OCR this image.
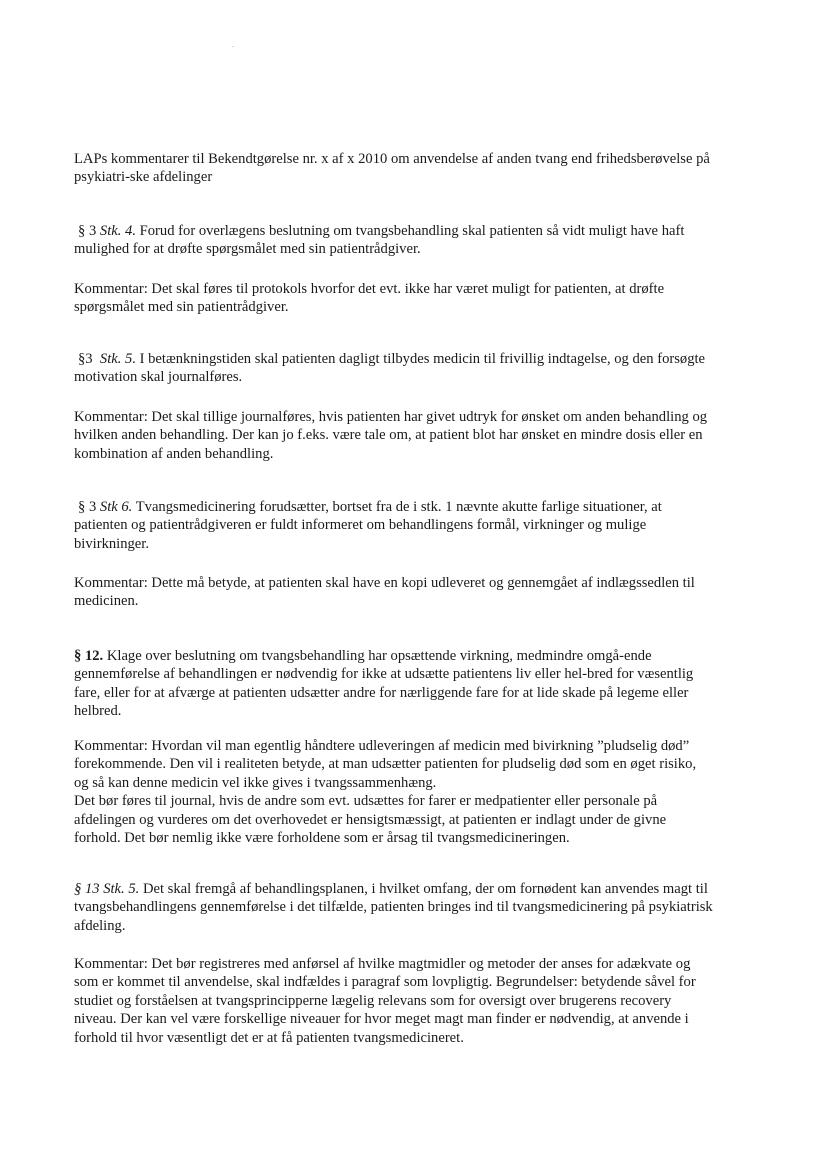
LAPs kommentarer til Bekendtgørelse nr. x af x 2010 om anvendelse af anden tvang end frihedsberøvelse på
psykiatri-ske afdelinger
§ 3 Stk. 4. Forud for overlægens beslutning om tvangsbehandling skal patienten så vidt muligt have haft
mulighed for at drøfte spørgsmålet med sin patientrådgiver.
Kommentar: Det skal føres til protokols hvorfor det evt. ikke har været muligt for patienten, at drøfte
spørgsmålet med sin patientrådgiver.
§3 Stk. 5. I betænkningstiden skal patienten dagligt tilbydes medicin til frivillig indtagelse, og den forsøgte
motivation skal journalføres.
Kommentar: Det skal tillige journalføres, hvis patienten har givet udtryk for ønsket om anden behandling og
hvilken anden behandling. Der kan jo f.eks. være tale om, at patient blot har ønsket en mindre dosis eller en
kombination af anden behandling.
§ 3 Stk 6. Tvangsmedicinering forudsætter, bortset fra de i stk. 1 nævnte akutte farlige situationer, at
patienten og patientrådgiveren er fuldt informeret om behandlingens formål, virkninger og mulige
bivirkninger.
Kommentar: Dette må betyde, at patienten skal have en kopi udleveret og gennemgået af indlægssedlen til
medicinen.
§ 12. Klage over beslutning om tvangsbehandling har opsættende virkning, medmindre omgå-ende
gennemførelse af behandlingen er nødvendig for ikke at udsætte patientens liv eller hel-bred for væsentlig
fare, eller for at afværge at patienten udsætter andre for nærliggende fare for at lide skade på legeme eller
helbred.
Kommentar: Hvordan vil man egentlig håndtere udleveringen af medicin med bivirkning ”pludselig død”
forekommende. Den vil i realiteten betyde, at man udsætter patienten for pludselig død som en øget risiko,
og så kan denne medicin vel ikke gives i tvangssammenhæng.
Det bør føres til journal, hvis de andre som evt. udsættes for farer er medpatienter eller personale på
afdelingen og vurderes om det overhovedet er hensigtsmæssigt, at patienten er indlagt under de givne
forhold. Det bør nemlig ikke være forholdene som er årsag til tvangsmedicineringen.
§ 13 Stk. 5. Det skal fremgå af behandlingsplanen, i hvilket omfang, der om fornødent kan anvendes magt til
tvangsbehandlingens gennemførelse i det tilfælde, patienten bringes ind til tvangsmedicinering på psykiatrisk
afdeling.
Kommentar: Det bør registreres med anførsel af hvilke magtmidler og metoder der anses for adækvate og
som er kommet til anvendelse, skal indfældes i paragraf som lovpligtig. Begrundelser: betydende såvel for
studiet og forståelsen at tvangsprincipperne lægelig relevans som for oversigt over brugerens recovery
niveau. Der kan vel være forskellige niveauer for hvor meget magt man finder er nødvendig, at anvende i
forhold til hvor væsentligt det er at få patienten tvangsmedicineret.
